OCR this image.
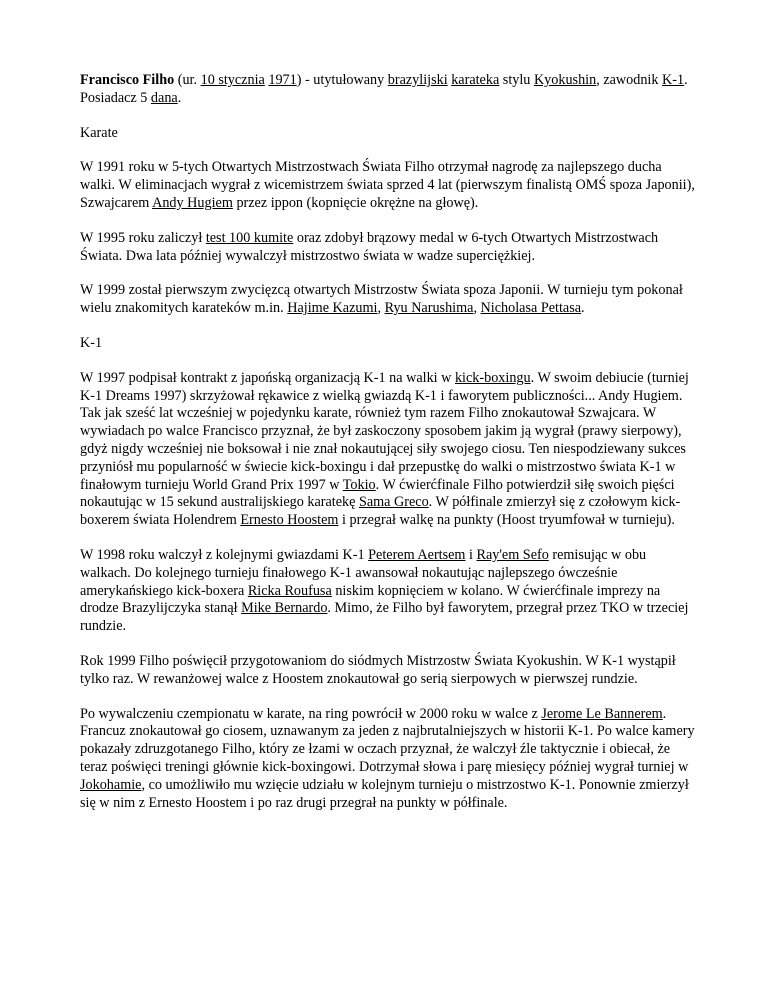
Francisco Filho (ur. 10 stycznia 1971) - utytułowany brazylijski karateka stylu Kyokushin, zawodnik K-1. Posiadacz 5 dana.

Karate

W 1991 roku w 5-tych Otwartych Mistrzostwach Świata Filho otrzymał nagrodę za najlepszego ducha walki. W eliminacjach wygrał z wicemistrzem świata sprzed 4 lat (pierwszym finalistą OMŚ spoza Japonii), Szwajcarem Andy Hugiem przez ippon (kopnięcie okrężne na głowę).

W 1995 roku zaliczył test 100 kumite oraz zdobył brązowy medal w 6-tych Otwartych Mistrzostwach Świata. Dwa lata później wywalczył mistrzostwo świata w wadze superciężkiej.

W 1999 został pierwszym zwycięzcą otwartych Mistrzostw Świata spoza Japonii. W turnieju tym pokonał wielu znakomitych karateków m.in. Hajime Kazumi, Ryu Narushima, Nicholasa Pettasa.

K-1

W 1997 podpisał kontrakt z japońską organizacją K-1 na walki w kick-boxingu. W swoim debiucie (turniej K-1 Dreams 1997) skrzyżował rękawice z wielką gwiazdą K-1 i faworytem publiczności... Andy Hugiem. Tak jak sześć lat wcześniej w pojedynku karate, również tym razem Filho znokautował Szwajcara. W wywiadach po walce Francisco przyznał, że był zaskoczony sposobem jakim ją wygrał (prawy sierpowy), gdyż nigdy wcześniej nie boksował i nie znał nokautującej siły swojego ciosu. Ten niespodziewany sukces przyniósł mu popularność w świecie kick-boxingu i dał przepustkę do walki o mistrzostwo świata K-1 w finałowym turnieju World Grand Prix 1997 w Tokio. W ćwierćfinale Filho potwierdził siłę swoich pięści nokautując w 15 sekund australijskiego karatekę Sama Greco. W półfinale zmierzył się z czołowym kick-boxerem świata Holendrem Ernesto Hoostem i przegrał walkę na punkty (Hoost tryumfował w turnieju).

W 1998 roku walczył z kolejnymi gwiazdami K-1 Peterem Aertsem i Ray'em Sefo remisując w obu walkach. Do kolejnego turnieju finałowego K-1 awansował nokautując najlepszego ówcześnie amerykańskiego kick-boxera Ricka Roufusa niskim kopnięciem w kolano. W ćwierćfinale imprezy na drodze Brazylijczyka stanął Mike Bernardo. Mimo, że Filho był faworytem, przegrał przez TKO w trzeciej rundzie.

Rok 1999 Filho poświęcił przygotowaniom do siódmych Mistrzostw Świata Kyokushin. W K-1 wystąpił tylko raz. W rewanżowej walce z Hoostem znokautował go serią sierpowych w pierwszej rundzie.

Po wywalczeniu czempionatu w karate, na ring powrócił w 2000 roku w walce z Jerome Le Bannerem. Francuz znokautował go ciosem, uznawanym za jeden z najbrutalniejszych w historii K-1. Po walce kamery pokazały zdruzgotanego Filho, który ze łzami w oczach przyznał, że walczył źle taktycznie i obiecał, że teraz poświęci treningi głównie kick-boxingowi. Dotrzymał słowa i parę miesięcy później wygrał turniej w Jokohamie, co umożliwiło mu wzięcie udziału w kolejnym turnieju o mistrzostwo K-1. Ponownie zmierzył się w nim z Ernesto Hoostem i po raz drugi przegrał na punkty w półfinale.
